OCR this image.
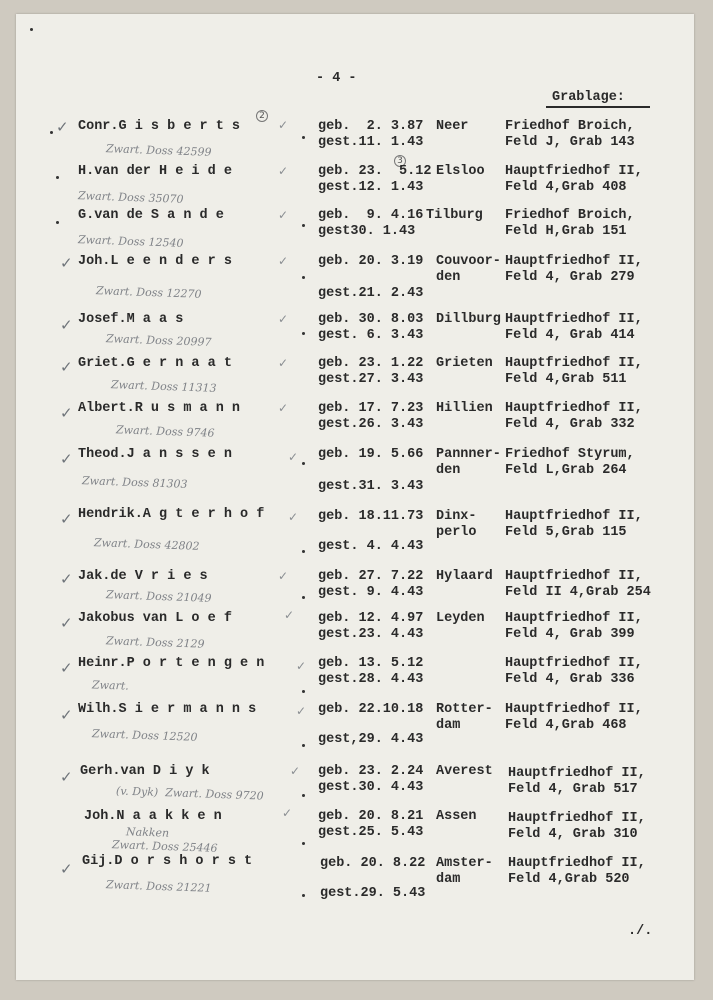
- 4 -
Grablage:
✓ Conr.G i s b e r t s
2
Zwart. Doss 42599
✓ geb.  2. 3.87
gest.11. 1.43
Neer	Friedhof Broich,
Feld J, Grab 143
H.van der H e i d e
Zwart. Doss 35070
✓
3
geb. 23.  5.12
gest.12. 1.43
Elsloo Hauptfriedhof II,
Feld 4,Grab 408
G.van de S a n d e
Zwart. Doss 12540
✓ geb.  9. 4.16
gest30. 1.43
Tilburg Friedhof Broich,
Feld H,Grab 151
✓ Joh.L e e n d e r s
Zwart. Doss 12270
✓ geb. 20. 3.19
gest.21. 2.43
Couvoor-
den
Hauptfriedhof II,
Feld 4, Grab 279
✓ Josef.M a a s
Zwart. Doss 20997
✓ geb. 30. 8.03
gest. 6. 3.43
Dillburg Hauptfriedhof II,
Feld 4, Grab 414
✓ Griet.G e r n a a t
Zwart. Doss 11313
✓ geb. 23. 1.22
gest.27. 3.43
Grieten Hauptfriedhof II,
Feld 4,Grab 511
✓ Albert.R u s m a n n
Zwart. Doss 9746
✓ geb. 17. 7.23
gest.26. 3.43
Hillien Hauptfriedhof II,
Feld 4, Grab 332
✓ Theod.J a n s s e n
Zwart. Doss 81303
✓ geb. 19. 5.66
gest.31. 3.43
Pannner-
den
Friedhof Styrum,
Feld L,Grab 264
✓ Hendrik.A g t e r h o f
Zwart. Doss 42802
✓ geb. 18.11.73
gest. 4. 4.43
Dinx-
perlo
Hauptfriedhof II,
Feld 5,Grab 115
✓ Jak.de V r i e s
Zwart. Doss 21049
✓ geb. 27. 7.22
gest. 9. 4.43
Hylaard Hauptfriedhof II,
Feld II 4,Grab 254
✓ Jakobus van L o e f
Zwart. Doss 2129
✓ geb. 12. 4.97
gest.23. 4.43
Leyden Hauptfriedhof II,
Feld 4, Grab 399
✓ Heinr.P o r t e n g e n
Zwart.
✓ geb. 13. 5.12
gest.28. 4.43
Hauptfriedhof II,
Feld 4, Grab 336
✓ Wilh.S i e r m a n n s
Zwart. Doss 12520
✓ geb. 22.10.18
gest,29. 4.43
Rotter-
dam
Hauptfriedhof II,
Feld 4,Grab 468
✓ Gerh.van D i y k
(v. Dyk)  Zwart. Doss 9720
✓ geb. 23. 2.24
gest.30. 4.43
Averest Hauptfriedhof II,
Feld 4, Grab 517
Joh.N a a k k e n
Nakken
✓ geb. 20. 8.21
gest.25. 5.43
Assen Hauptfriedhof II,
Feld 4, Grab 310
Zwart. Doss 25446
✓ Gij.D o r s h o r s t
Zwart. Doss 21221
geb. 20. 8.22
gest.29. 5.43
Amster-
dam
Hauptfriedhof II,
Feld 4,Grab 520
./.
